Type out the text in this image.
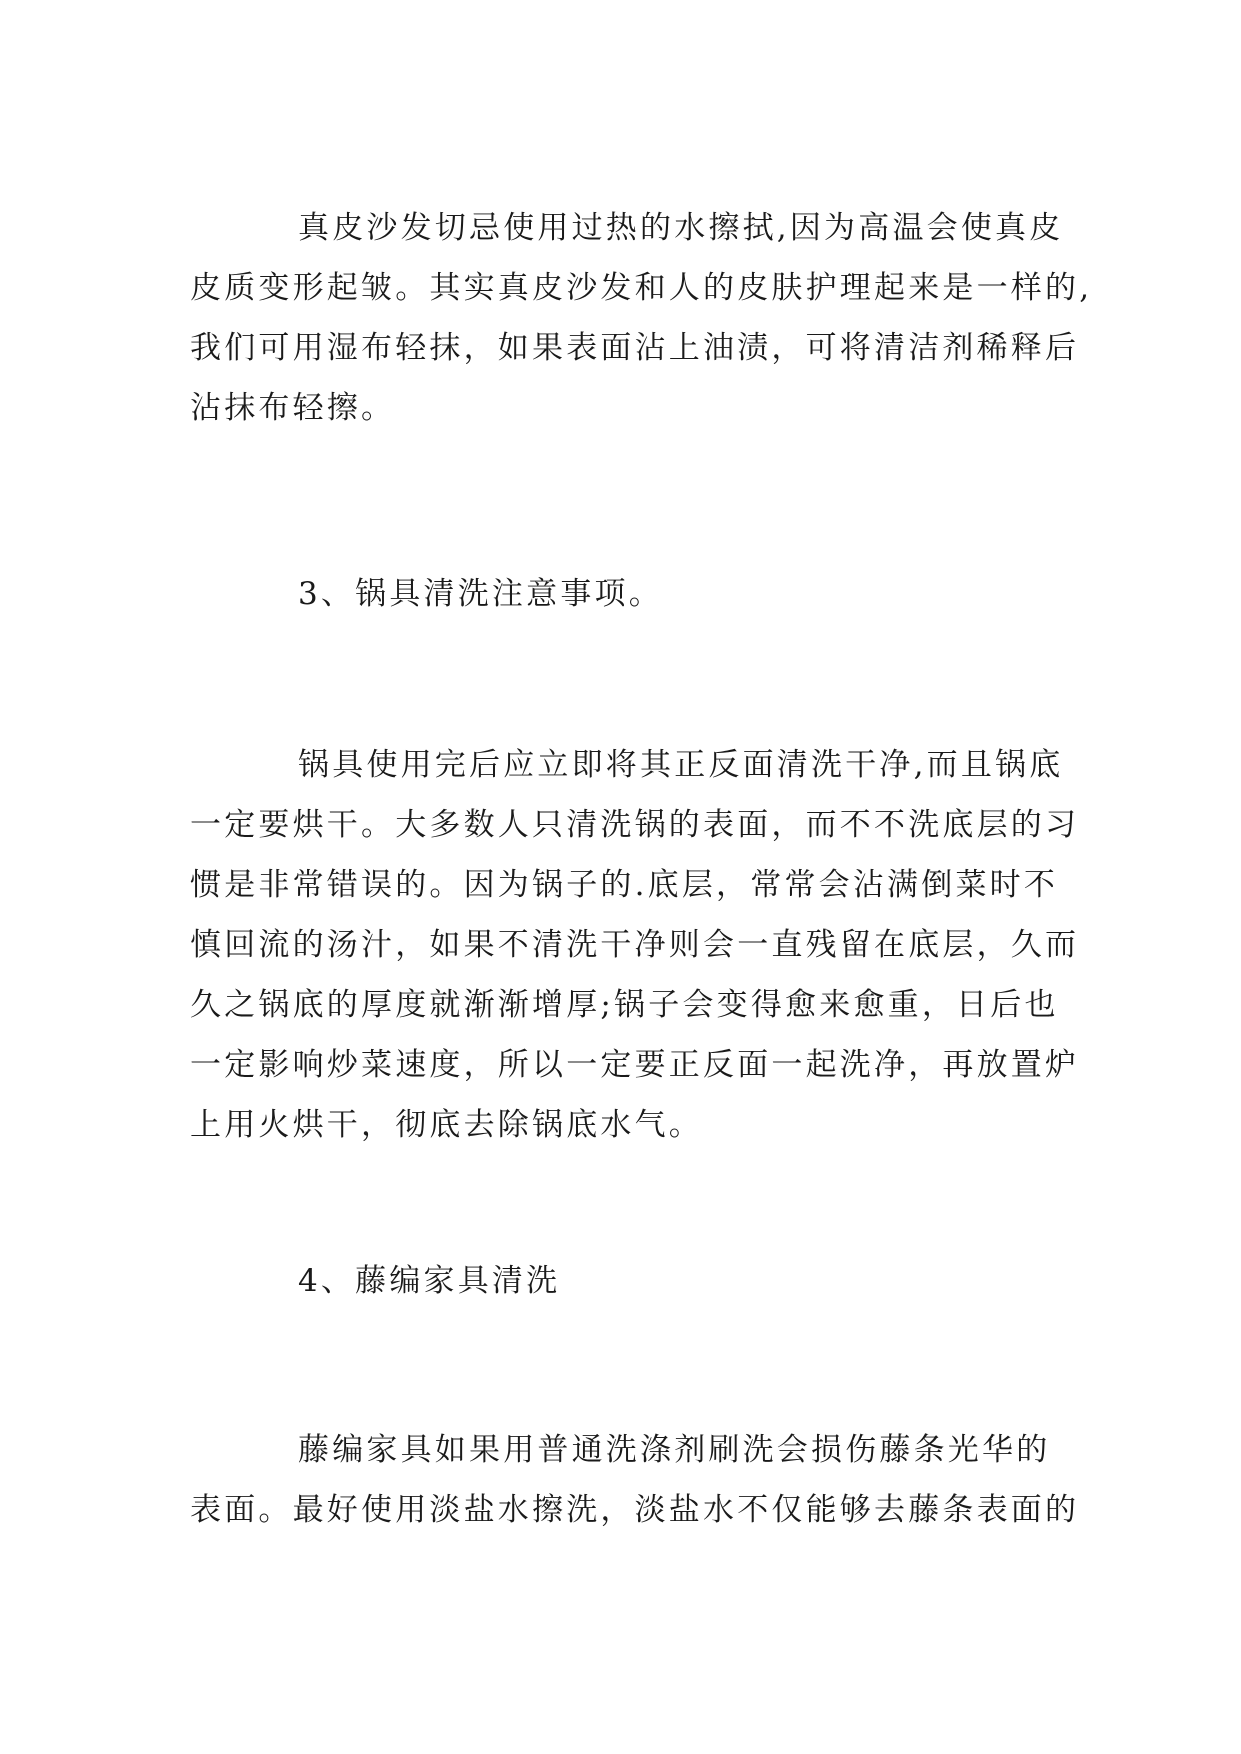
真皮沙发切忌使用过热的水擦拭,因为高温会使真皮
皮质变形起皱。其实真皮沙发和人的皮肤护理起来是一样的,
我们可用湿布轻抹，如果表面沾上油渍，可将清洁剂稀释后
沾抹布轻擦。
3、锅具清洗注意事项。
锅具使用完后应立即将其正反面清洗干净,而且锅底
一定要烘干。大多数人只清洗锅的表面，而不不洗底层的习
惯是非常错误的。因为锅子的.底层，常常会沾满倒菜时不
慎回流的汤汁，如果不清洗干净则会一直残留在底层，久而
久之锅底的厚度就渐渐增厚;锅子会变得愈来愈重，日后也
一定影响炒菜速度，所以一定要正反面一起洗净，再放置炉
上用火烘干，彻底去除锅底水气。
4、藤编家具清洗
藤编家具如果用普通洗涤剂刷洗会损伤藤条光华的
表面。最好使用淡盐水擦洗，淡盐水不仅能够去藤条表面的
